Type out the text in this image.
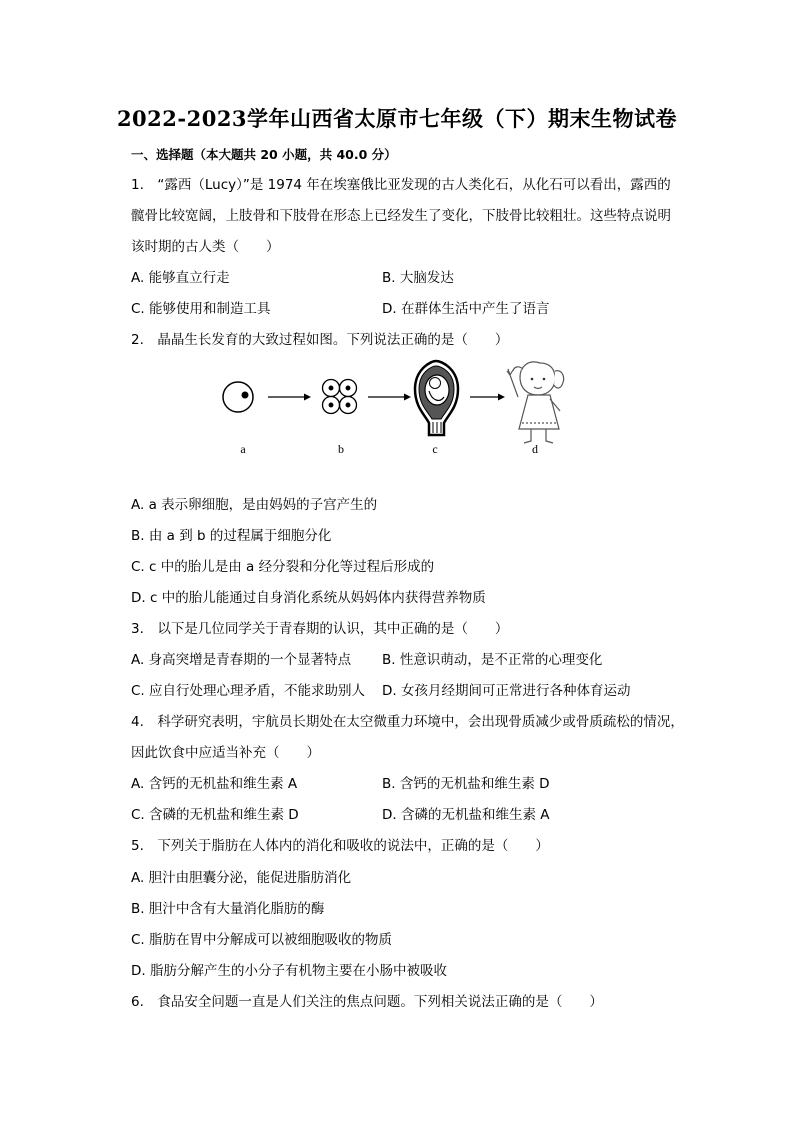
2022-2023学年山西省太原市七年级（下）期末生物试卷
一、选择题（本大题共 20 小题，共 40.0 分）
1.　“露西（Lucy）”是 1974 年在埃塞俄比亚发现的古人类化石，从化石可以看出，露西的
髋骨比较宽阔，上肢骨和下肢骨在形态上已经发生了变化，下肢骨比较粗壮。这些特点说明
该时期的古人类（　　）
A. 能够直立行走	B. 大脑发达
C. 能够使用和制造工具	D. 在群体生活中产生了语言
2.　晶晶生长发育的大致过程如图。下列说法正确的是（　　）
a	b	c	d
A. a 表示卵细胞，是由妈妈的子宫产生的
B. 由 a 到 b 的过程属于细胞分化
C. c 中的胎儿是由 a 经分裂和分化等过程后形成的
D. c 中的胎儿能通过自身消化系统从妈妈体内获得营养物质
3.　以下是几位同学关于青春期的认识，其中正确的是（　　）
A. 身高突增是青春期的一个显著特点 B. 性意识萌动，是不正常的心理变化
C. 应自行处理心理矛盾，不能求助别人 D. 女孩月经期间可正常进行各种体育运动
4.　科学研究表明，宇航员长期处在太空微重力环境中，会出现骨质减少或骨质疏松的情况，
因此饮食中应适当补充（　　）
A. 含钙的无机盐和维生素 A	B. 含钙的无机盐和维生素 D
C. 含磷的无机盐和维生素 D	D. 含磷的无机盐和维生素 A
5.　下列关于脂肪在人体内的消化和吸收的说法中，正确的是（　　）
A. 胆汁由胆囊分泌，能促进脂肪消化
B. 胆汁中含有大量消化脂肪的酶
C. 脂肪在胃中分解成可以被细胞吸收的物质
D. 脂肪分解产生的小分子有机物主要在小肠中被吸收
6.　食品安全问题一直是人们关注的焦点问题。下列相关说法正确的是（　　）
